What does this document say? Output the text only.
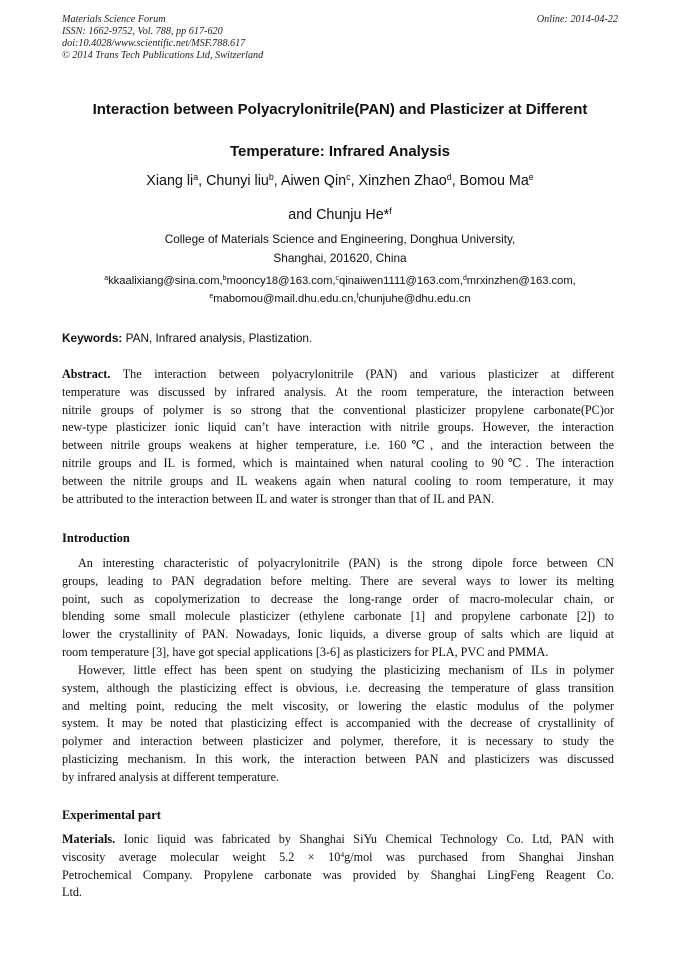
Materials Science Forum
ISSN: 1662-9752, Vol. 788, pp 617-620
doi:10.4028/www.scientific.net/MSF.788.617
© 2014 Trans Tech Publications Ltd, Switzerland
Online: 2014-04-22
Interaction between Polyacrylonitrile(PAN) and Plasticizer at Different
Temperature: Infrared Analysis
Xiang $li^a$, Chunyi liu$^b$, Aiwen Qin$^c$, Xinzhen Zhao$^d$, Bomou Ma$^e$
and Chunju He*$^f$
College of Materials Science and Engineering, Donghua University,
Shanghai, 201620, China
$^a$kkaalixiang@sina.com,$^b$mooncy18@163.com,$^c$qinaiwen1111@163.com,$^d$mrxinzhen@163.com,
$^e$mabomou@mail.dhu.edu.cn,$^f$chunjuhe@dhu.edu.cn
Keywords: PAN, Infrared analysis, Plastization.
Abstract. The interaction between polyacrylonitrile (PAN) and various plasticizer at different
temperature was discussed by infrared analysis. At the room temperature, the interaction between
nitrile groups of polymer is so strong that the conventional plasticizer propylene carbonate(PC)or
new-type plasticizer ionic liquid can’t have interaction with nitrile groups. However, the interaction
between nitrile groups weakens at higher temperature, i.e. 160℃, and the interaction between the
nitrile groups and IL is formed, which is maintained when natural cooling to 90℃. The interaction
between the nitrile groups and IL weakens again when natural cooling to room temperature, it may
be attributed to the interaction between IL and water is stronger than that of IL and PAN.
Introduction
An interesting characteristic of polyacrylonitrile (PAN) is the strong dipole force between CN
groups, leading to PAN degradation before melting. There are several ways to lower its melting
point, such as copolymerization to decrease the long-range order of macro-molecular chain, or
blending some small molecule plasticizer (ethylene carbonate [1] and propylene carbonate [2]) to
lower the crystallinity of PAN. Nowadays, Ionic liquids, a diverse group of salts which are liquid at
room temperature [3], have got special applications [3-6] as plasticizers for PLA, PVC and PMMA.
However, little effect has been spent on studying the plasticizing mechanism of ILs in polymer
system, although the plasticizing effect is obvious, i.e. decreasing the temperature of glass transition
and melting point, reducing the melt viscosity, or lowering the elastic modulus of the polymer
system. It may be noted that plasticizing effect is accompanied with the decrease of crystallinity of
polymer and interaction between plasticizer and polymer, therefore, it is necessary to study the
plasticizing mechanism. In this work, the interaction between PAN and plasticizers was discussed
by infrared analysis at different temperature.
Experimental part
Materials. Ionic liquid was fabricated by Shanghai SiYu Chemical Technology Co. Ltd, PAN with
viscosity average molecular weight $5.2 \times 10^4g$/mol was purchased from Shanghai Jinshan
Petrochemical Company. Propylene carbonate was provided by Shanghai LingFeng Reagent Co.
Ltd.
